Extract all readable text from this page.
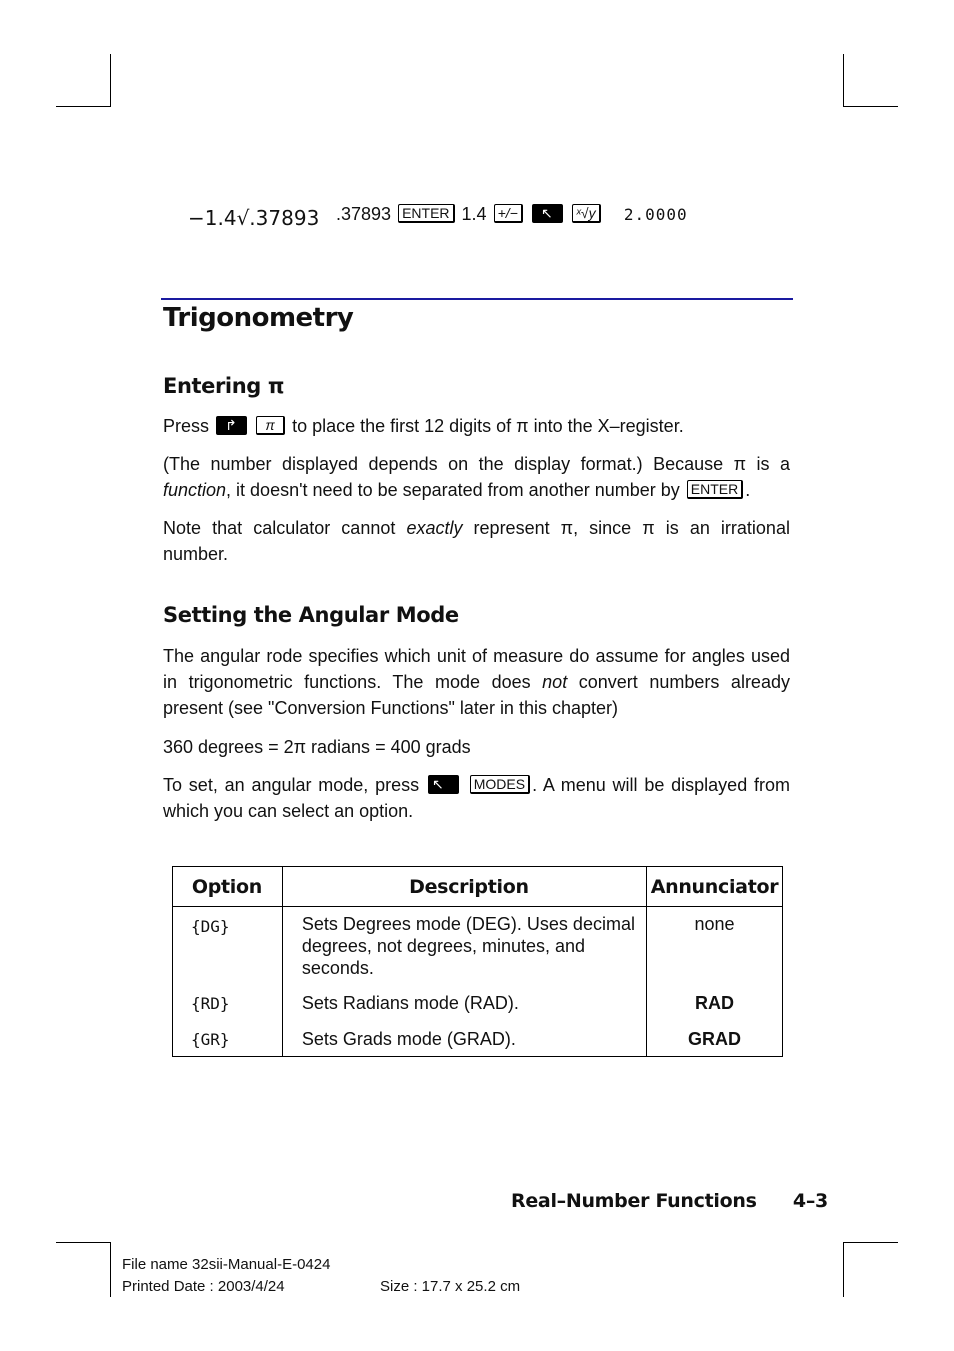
−1.4√.37893 .37893 ENTER 1.4 +/− ↖ ˣ√y 2.0000
Trigonometry
Entering π

Press ↱ π to place the first 12 digits of π into the X–register.

(The number displayed depends on the display format.) Because π is a
function, it doesn't need to be separated from another number by ENTER .

Note that calculator cannot exactly represent π, since π is an irrational
number.

Setting the Angular Mode

The angular rode specifies which unit of measure do assume for angles used
in trigonometric functions. The mode does not convert numbers already
present (see "Conversion Functions" later in this chapter)

360 degrees = 2π radians = 400 grads

To set, an angular mode, press ↖ MODES . A menu will be displayed from
which you can select an option.

Option	Description	Annunciator
{DG}	Sets Degrees mode (DEG). Uses decimal degrees, not degrees, minutes, and seconds.	none
{RD}	Sets Radians mode (RAD).	RAD
{GR}	Sets Grads mode (GRAD).	GRAD
Real–Number Functions 4–3
File name 32sii-Manual-E-0424
Printed Date : 2003/4/24	Size : 17.7 x 25.2 cm
